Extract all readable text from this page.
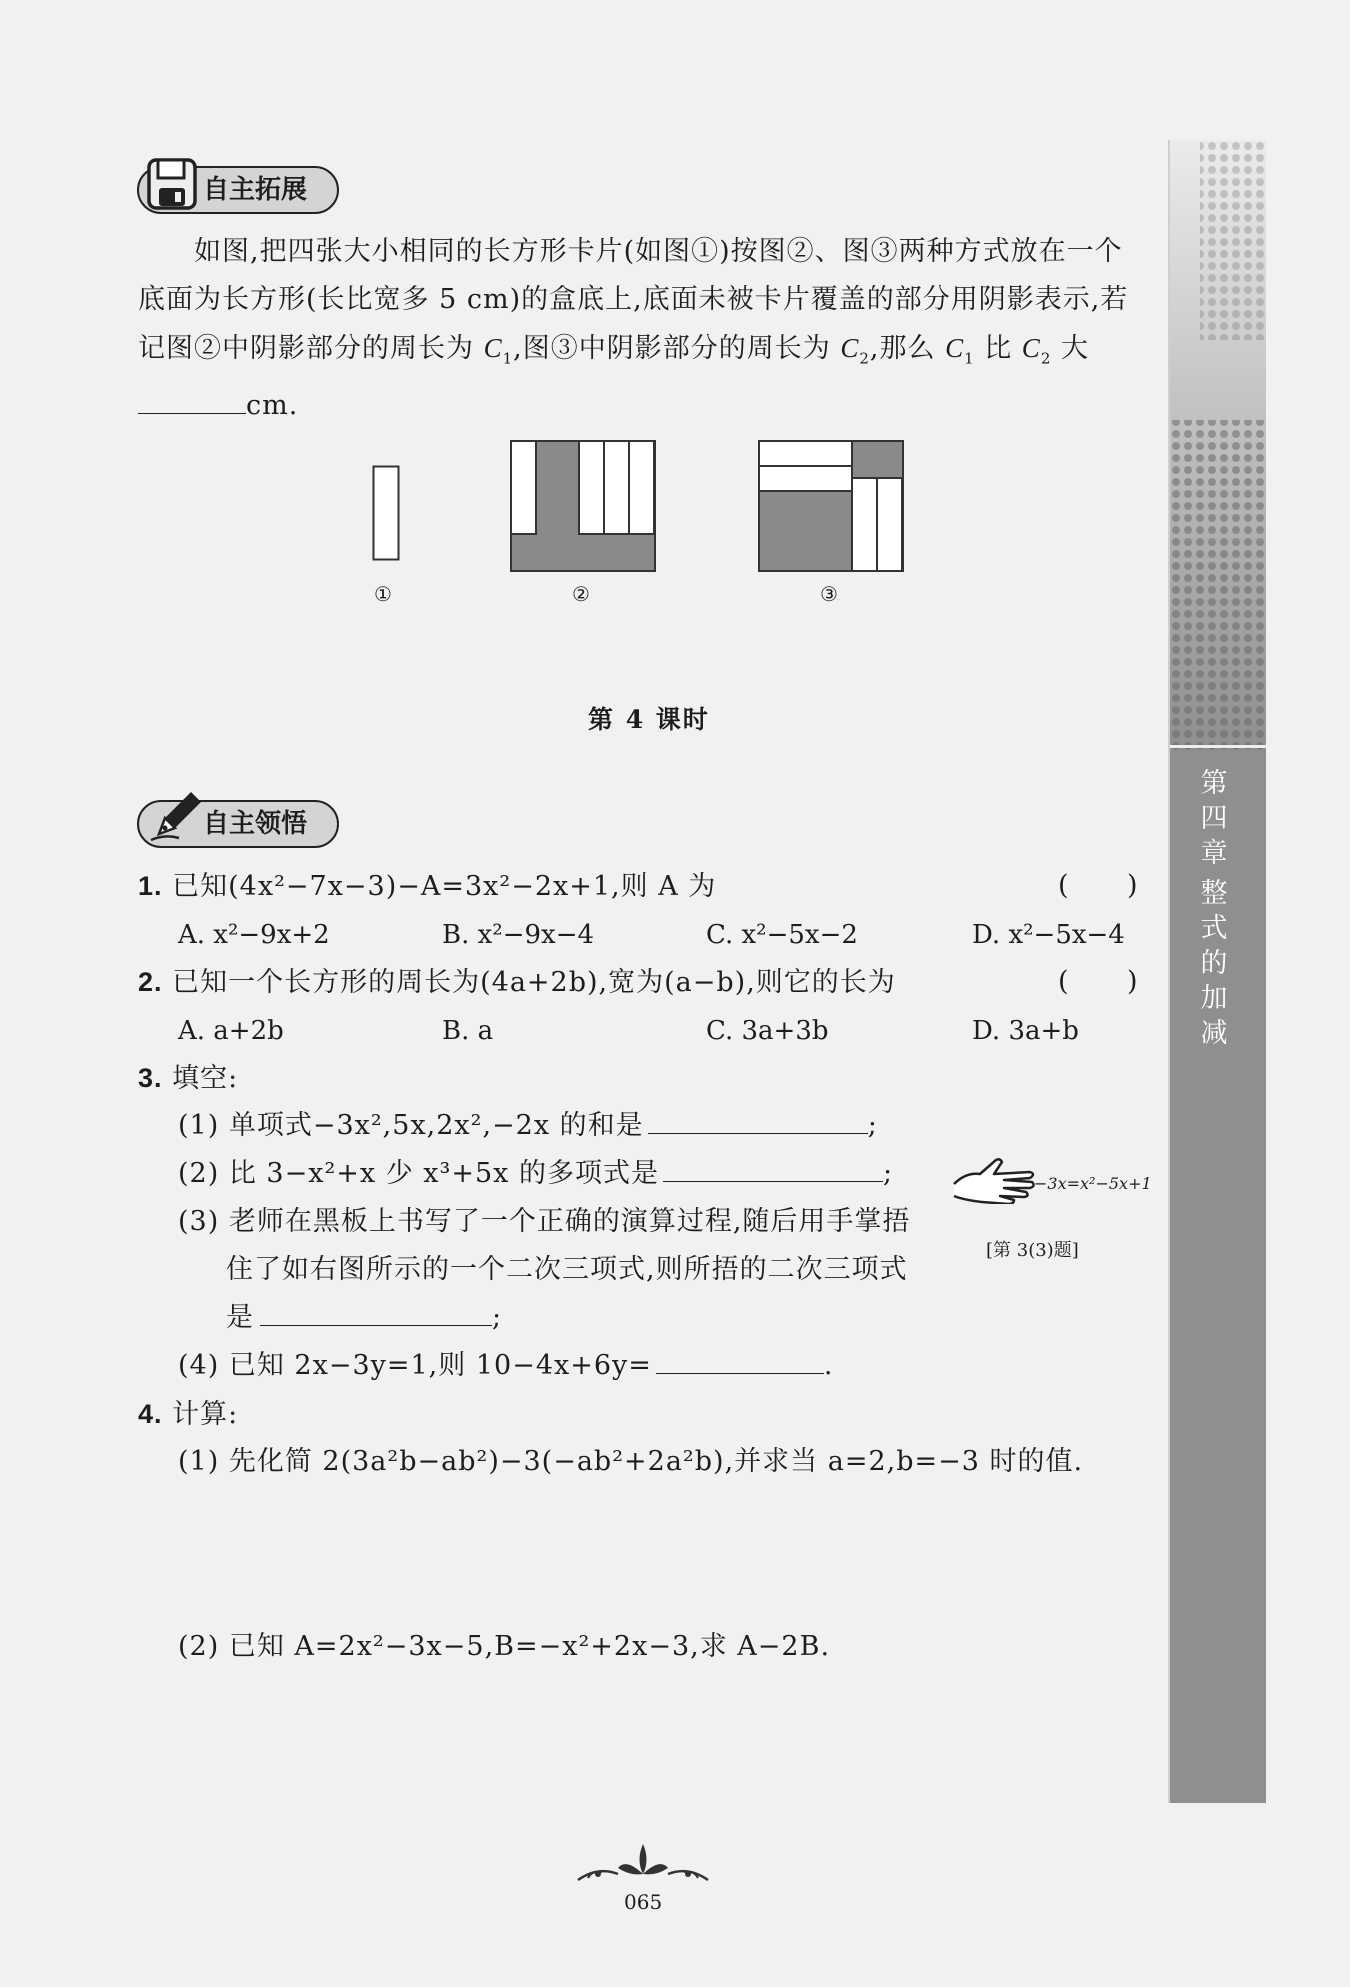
自主拓展
如图,把四张大小相同的长方形卡片(如图①)按图②、图③两种方式放在一个
底面为长方形(长比宽多 5 cm)的盒底上,底面未被卡片覆盖的部分用阴影表示,若
记图②中阴影部分的周长为 $C_1$,图③中阴影部分的周长为 $C_2$,那么 $C_1$ 比 $C_2$ 大
cm.
①	②	③
第 4 课时
自主领悟
1. 已知(4x²−7x−3)−A=3x²−2x+1,则 A 为	(      )
A. x²−9x+2	B. x²−9x−4	C. x²−5x−2	D. x²−5x−4
2. 已知一个长方形的周长为(4a+2b),宽为(a−b),则它的长为	(      )
A. a+2b	B. a	C. 3a+3b	D. 3a+b
3. 填空:
(1) 单项式−3x²,5x,2x²,−2x 的和是	;
(2) 比 3−x²+x 少 x³+5x 的多项式是	;
(3) 老师在黑板上书写了一个正确的演算过程,随后用手掌捂
住了如右图所示的一个二次三项式,则所捂的二次三项式
是	;
(4) 已知 2x−3y=1,则 10−4x+6y=	.
−3x=x²−5x+1
[第 3(3)题]
4. 计算:
(1) 先化简 2(3a²b−ab²)−3(−ab²+2a²b),并求当 a=2,b=−3 时的值.
(2) 已知 A=2x²−3x−5,B=−x²+2x−3,求 A−2B.
第
四
章
整
式
的
加
减
065
